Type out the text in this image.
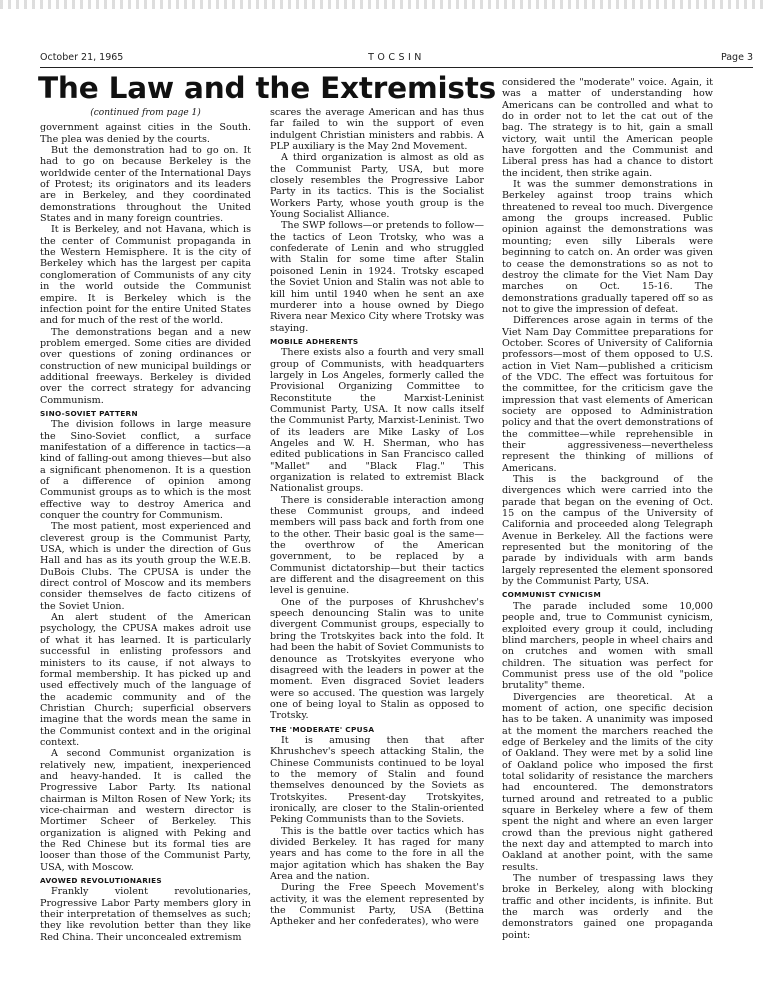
October 21, 1965	TOCSIN	Page 3
The Law and the Extremists
(continued from page 1)

government against cities in the South. The plea was denied by the courts.

But the demonstration had to go on. It had to go on because Berkeley is the worldwide center of the International Days of Protest; its originators and its leaders are in Berkeley, and they coordinated demonstrations throughout the United States and in many foreign countries.

It is Berkeley, and not Havana, which is the center of Communist propaganda in the Western Hemisphere. It is the city of Berkeley which has the largest per capita conglomeration of Communists of any city in the world outside the Communist empire. It is Berkeley which is the infection point for the entire United States and for much of the rest of the world.

The demonstrations began and a new problem emerged. Some cities are divided over questions of zoning ordinances or construction of new municipal buildings or additional freeways. Berkeley is divided over the correct strategy for advancing Communism.

SINO-SOVIET PATTERN

The division follows in large measure the Sino-Soviet conflict, a surface manifestation of a difference in tactics—a kind of falling-out among thieves—but also a significant phenomenon. It is a question of a difference of opinion among Communist groups as to which is the most effective way to destroy America and conquer the country for Communism.

The most patient, most experienced and cleverest group is the Communist Party, USA, which is under the direction of Gus Hall and has as its youth group the W.E.B. DuBois Clubs. The CPUSA is under the direct control of Moscow and its members consider themselves de facto citizens of the Soviet Union.

An alert student of the American psychology, the CPUSA makes adroit use of what it has learned. It is particularly successful in enlisting professors and ministers to its cause, if not always to formal membership. It has picked up and used effectively much of the language of the academic community and of the Christian Church; superficial observers imagine that the words mean the same in the Communist context and in the original context.

A second Communist organization is relatively new, impatient, inexperienced and heavy-handed. It is called the Progressive Labor Party. Its national chairman is Milton Rosen of New York; its vice-chairman and western director is Mortimer Scheer of Berkeley. This organization is aligned with Peking and the Red Chinese but its formal ties are looser than those of the Communist Party, USA, with Moscow.

AVOWED REVOLUTIONARIES

Frankly violent revolutionaries, Progressive Labor Party members glory in their interpretation of themselves as such; they like revolution better than they like Red China. Their unconcealed extremism

scares the average American and has thus far failed to win the support of even indulgent Christian ministers and rabbis. A PLP auxiliary is the May 2nd Movement.

A third organization is almost as old as the Communist Party, USA, but more closely resembles the Progressive Labor Party in its tactics. This is the Socialist Workers Party, whose youth group is the Young Socialist Alliance.

The SWP follows—or pretends to follow—the tactics of Leon Trotsky, who was a confederate of Lenin and who struggled with Stalin for some time after Stalin poisoned Lenin in 1924. Trotsky escaped the Soviet Union and Stalin was not able to kill him until 1940 when he sent an axe murderer into a house owned by Diego Rivera near Mexico City where Trotsky was staying.

MOBILE ADHERENTS

There exists also a fourth and very small group of Communists, with headquarters largely in Los Angeles, formerly called the Provisional Organizing Committee to Reconstitute the Marxist-Leninist Communist Party, USA. It now calls itself the Communist Party, Marxist-Leninist. Two of its leaders are Mike Lasky of Los Angeles and W. H. Sherman, who has edited publications in San Francisco called "Mallet" and "Black Flag." This organization is related to extremist Black Nationalist groups.

There is considerable interaction among these Communist groups, and indeed members will pass back and forth from one to the other. Their basic goal is the same—the overthrow of the American government, to be replaced by a Communist dictatorship—but their tactics are different and the disagreement on this level is genuine.

One of the purposes of Khrushchev's speech denouncing Stalin was to unite divergent Communist groups, especially to bring the Trotskyites back into the fold. It had been the habit of Soviet Communists to denounce as Trotskyites everyone who disagreed with the leaders in power at the moment. Even disgraced Soviet leaders were so accused. The question was largely one of being loyal to Stalin as opposed to Trotsky.

THE 'MODERATE' CPUSA

It is amusing then that after Khrushchev's speech attacking Stalin, the Chinese Communists continued to be loyal to the memory of Stalin and found themselves denounced by the Soviets as Trotskyites. Present-day Trotskyites, ironically, are closer to the Stalin-oriented Peking Communists than to the Soviets.

This is the battle over tactics which has divided Berkeley. It has raged for many years and has come to the fore in all the major agitation which has shaken the Bay Area and the nation.

During the Free Speech Movement's activity, it was the element represented by the Communist Party, USA (Bettina Aptheker and her confederates), who were

considered the "moderate" voice. Again, it was a matter of understanding how Americans can be controlled and what to do in order not to let the cat out of the bag. The strategy is to hit, gain a small victory, wait until the American people have forgotten and the Communist and Liberal press has had a chance to distort the incident, then strike again.

It was the summer demonstrations in Berkeley against troop trains which threatened to reveal too much. Divergence among the groups increased. Public opinion against the demonstrations was mounting; even silly Liberals were beginning to catch on. An order was given to cease the demonstrations so as not to destroy the climate for the Viet Nam Day marches on Oct. 15-16. The demonstrations gradually tapered off so as not to give the impression of defeat.

Differences arose again in terms of the Viet Nam Day Committee preparations for October. Scores of University of California professors—most of them opposed to U.S. action in Viet Nam—published a criticism of the VDC. The effect was fortuitous for the committee, for the criticism gave the impression that vast elements of American society are opposed to Administration policy and that the overt demonstrations of the committee—while reprehensible in their aggressiveness—nevertheless represent the thinking of millions of Americans.

This is the background of the divergences which were carried into the parade that began on the evening of Oct. 15 on the campus of the University of California and proceeded along Telegraph Avenue in Berkeley. All the factions were represented but the monitoring of the parade by individuals with arm bands largely represented the element sponsored by the Communist Party, USA.

COMMUNIST CYNICISM

The parade included some 10,000 people and, true to Communist cynicism, exploited every group it could, including blind marchers, people in wheel chairs and on crutches and women with small children. The situation was perfect for Communist press use of the old "police brutality" theme.

Divergencies are theoretical. At a moment of action, one specific decision has to be taken. A unanimity was imposed at the moment the marchers reached the edge of Berkeley and the limits of the city of Oakland. They were met by a solid line of Oakland police who imposed the first total solidarity of resistance the marchers had encountered. The demonstrators turned around and retreated to a public square in Berkeley where a few of them spent the night and where an even larger crowd than the previous night gathered the next day and attempted to march into Oakland at another point, with the same results.

The number of trespassing laws they broke in Berkeley, along with blocking traffic and other incidents, is infinite. But the march was orderly and the demonstrators gained one propaganda point:
